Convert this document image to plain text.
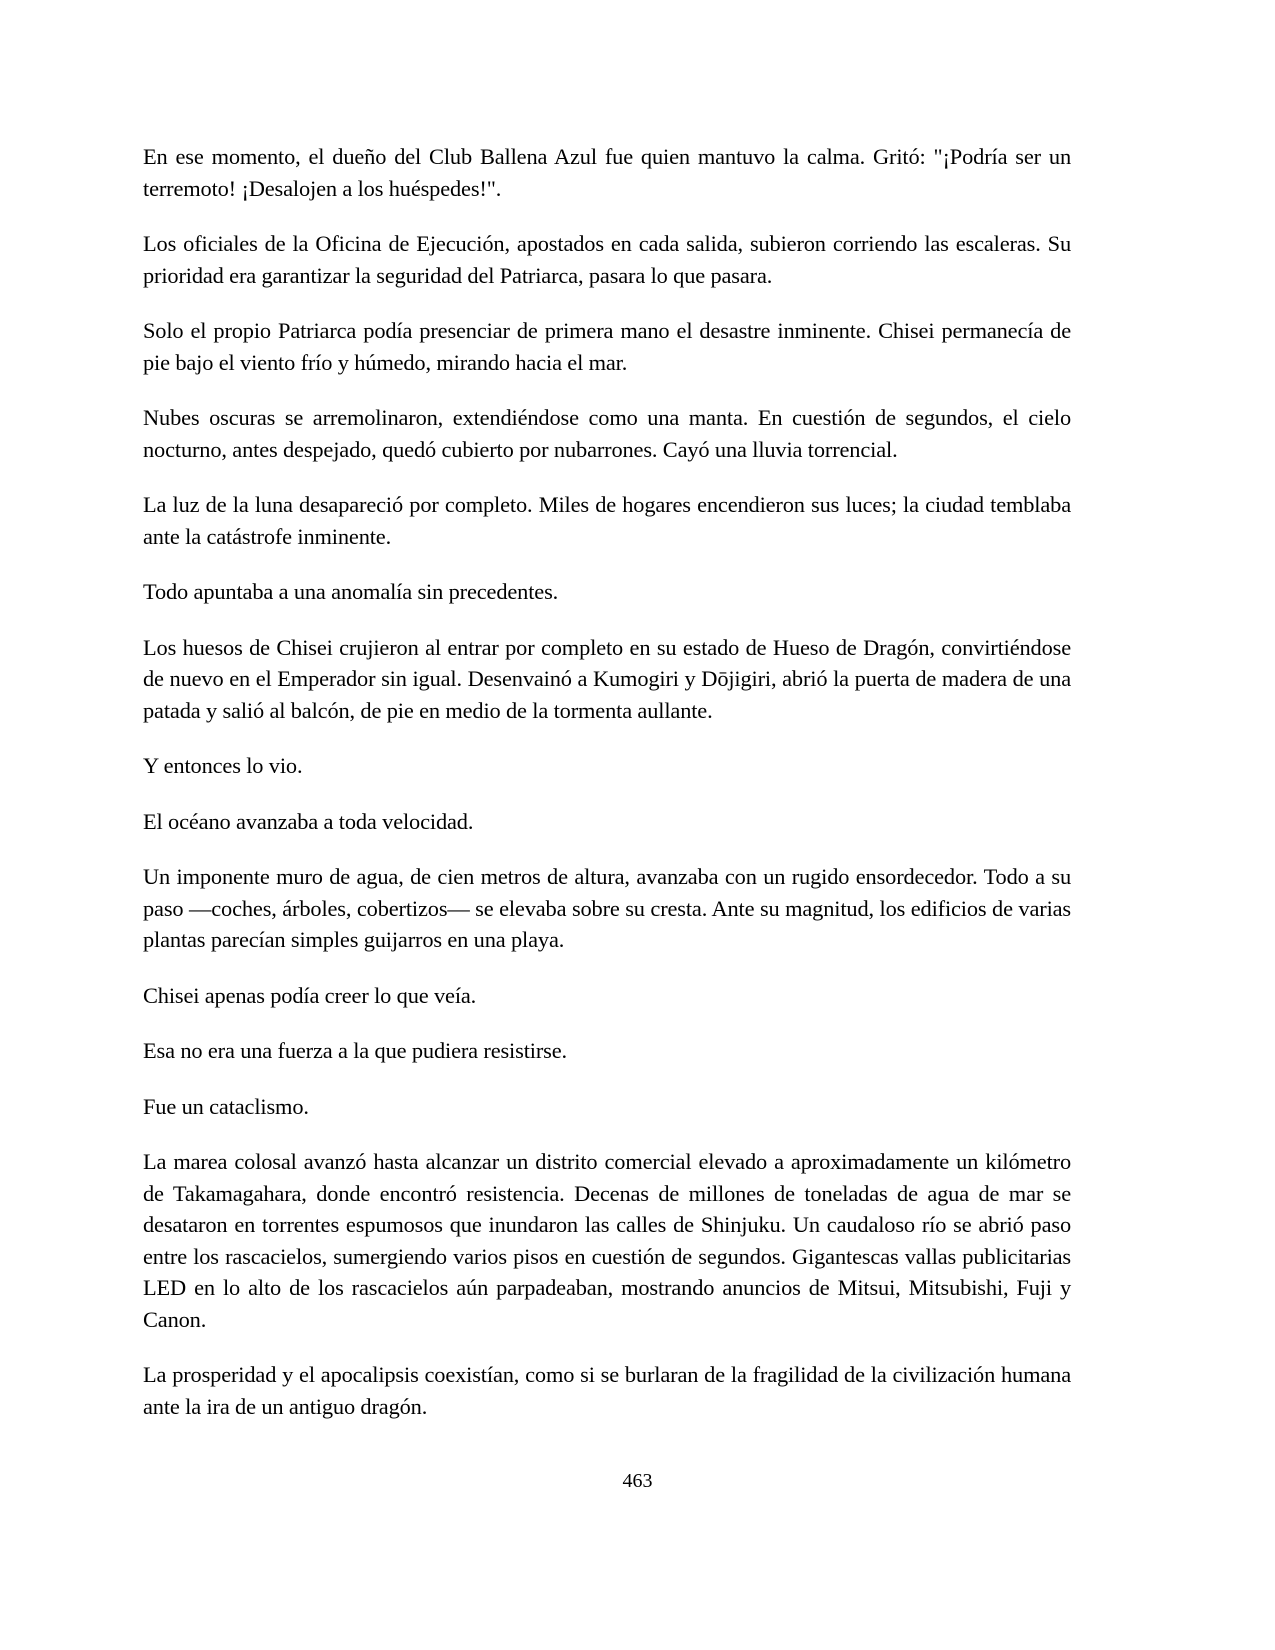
En ese momento, el dueño del Club Ballena Azul fue quien mantuvo la calma. Gritó: "¡Podría ser un terremoto! ¡Desalojen a los huéspedes!".

Los oficiales de la Oficina de Ejecución, apostados en cada salida, subieron corriendo las escaleras. Su prioridad era garantizar la seguridad del Patriarca, pasara lo que pasara.

Solo el propio Patriarca podía presenciar de primera mano el desastre inminente. Chisei permanecía de pie bajo el viento frío y húmedo, mirando hacia el mar.

Nubes oscuras se arremolinaron, extendiéndose como una manta. En cuestión de segundos, el cielo nocturno, antes despejado, quedó cubierto por nubarrones. Cayó una lluvia torrencial.

La luz de la luna desapareció por completo. Miles de hogares encendieron sus luces; la ciudad temblaba ante la catástrofe inminente.

Todo apuntaba a una anomalía sin precedentes.

Los huesos de Chisei crujieron al entrar por completo en su estado de Hueso de Dragón, convirtiéndose de nuevo en el Emperador sin igual. Desenvainó a Kumogiri y Dōjigiri, abrió la puerta de madera de una patada y salió al balcón, de pie en medio de la tormenta aullante.

Y entonces lo vio.

El océano avanzaba a toda velocidad.

Un imponente muro de agua, de cien metros de altura, avanzaba con un rugido ensordecedor. Todo a su paso —coches, árboles, cobertizos— se elevaba sobre su cresta. Ante su magnitud, los edificios de varias plantas parecían simples guijarros en una playa.

Chisei apenas podía creer lo que veía.

Esa no era una fuerza a la que pudiera resistirse.

Fue un cataclismo.

La marea colosal avanzó hasta alcanzar un distrito comercial elevado a aproximadamente un kilómetro de Takamagahara, donde encontró resistencia. Decenas de millones de toneladas de agua de mar se desataron en torrentes espumosos que inundaron las calles de Shinjuku. Un caudaloso río se abrió paso entre los rascacielos, sumergiendo varios pisos en cuestión de segundos. Gigantescas vallas publicitarias LED en lo alto de los rascacielos aún parpadeaban, mostrando anuncios de Mitsui, Mitsubishi, Fuji y Canon.

La prosperidad y el apocalipsis coexistían, como si se burlaran de la fragilidad de la civilización humana ante la ira de un antiguo dragón.

463
